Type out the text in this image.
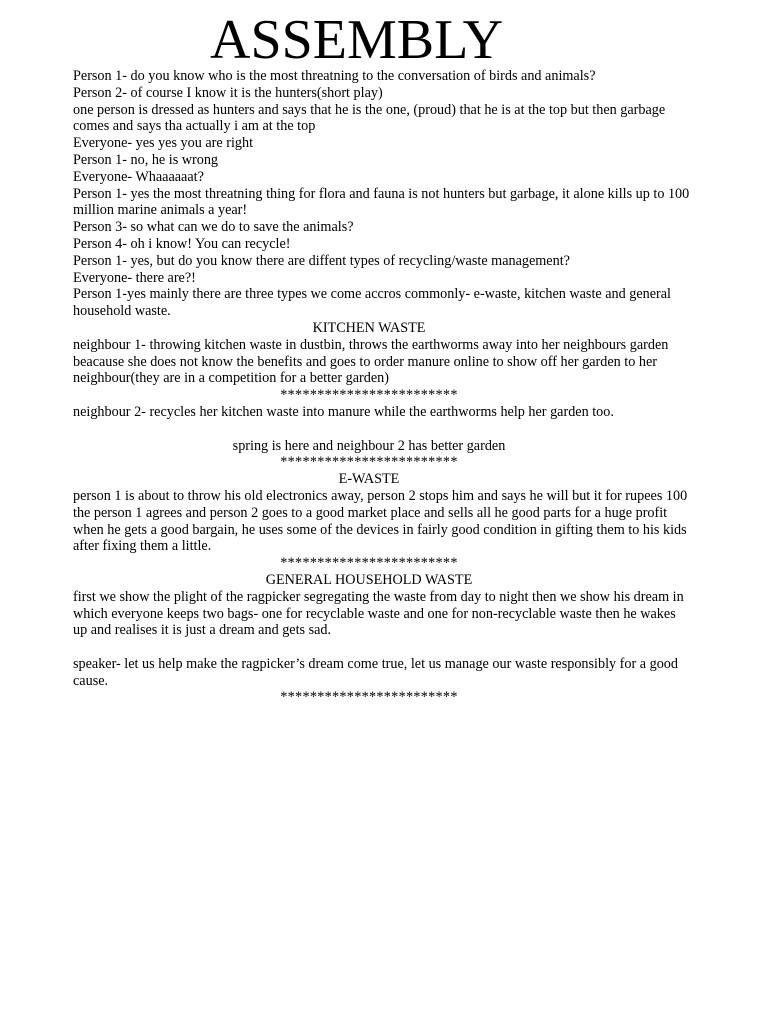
ASSEMBLY

Person 1- do you know who is the most threatning to the conversation of birds and animals?

Person 2- of course I know it is the hunters(short play)

one person is dressed as hunters and says that he is the one, (proud) that he is at the top but then garbage comes and says tha actually i am at the top

Everyone- yes yes you are right

Person 1- no, he is wrong

Everyone- Whaaaaaat?

Person 1- yes the most threatning thing for flora and fauna is not hunters but garbage, it alone kills up to 100 million marine animals a year!

Person 3- so what can we do to save the animals?

Person 4- oh i know! You can recycle!

Person 1- yes, but do you know there are diffent types of recycling/waste management?

Everyone- there are?!

Person 1-yes mainly there are three types we come accros commonly- e-waste, kitchen waste and general household waste.

KITCHEN WASTE

neighbour 1- throwing kitchen waste in dustbin, throws the earthworms away into her neighbours garden beacause she does not know the benefits and goes to order manure online to show off her garden to her neighbour(they are in a competition for a better garden)

************************

neighbour 2- recycles her kitchen waste into manure while the earthworms help her garden too.

spring is here and neighbour 2 has better garden

************************

E-WASTE

person 1 is about to throw his old electronics away, person 2 stops him and says he will but it for rupees 100 the person 1 agrees and person 2 goes to a good market place and sells all he good parts for a huge profit when he gets a good bargain, he uses some of the devices in fairly good condition in gifting them to his kids after fixing them a little.

************************

GENERAL HOUSEHOLD WASTE

first we show the plight of the ragpicker segregating the waste from day to night then we show his dream in which everyone keeps two bags- one for recyclable waste and one for non-recyclable waste then he wakes up and realises it is just a dream and gets sad.

speaker- let us help make the ragpicker’s dream come true, let us manage our waste responsibly for a good cause.

************************
